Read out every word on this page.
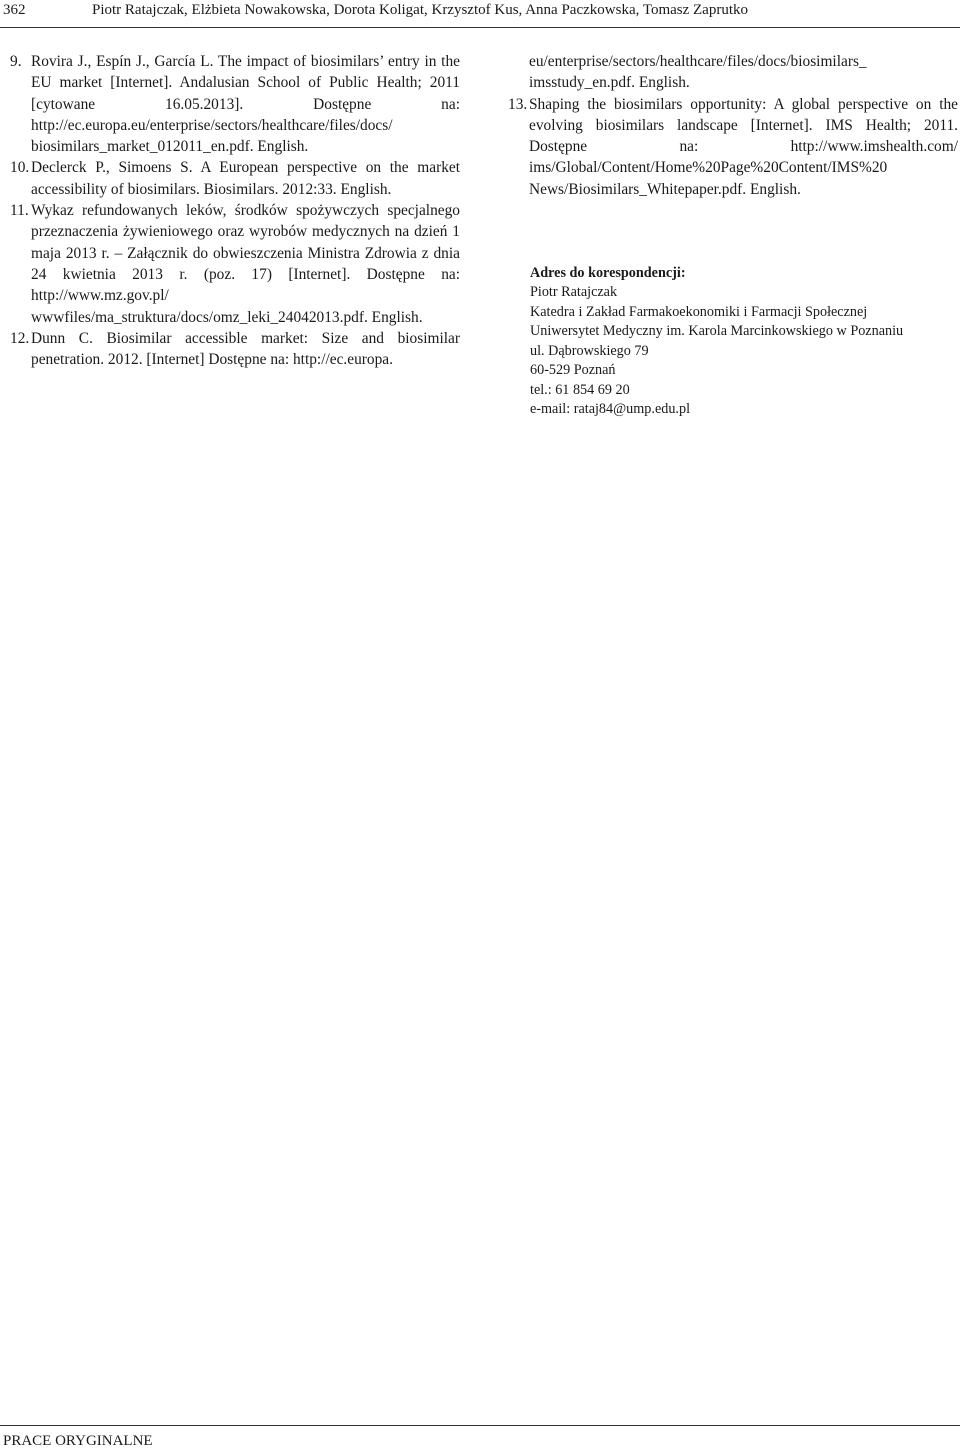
362	Piotr Ratajczak, Elżbieta Nowakowska, Dorota Koligat, Krzysztof Kus, Anna Paczkowska, Tomasz Zaprutko
9. Rovira J., Espín J., García L. The impact of biosimilars’ entry in the EU market [Internet]. Andalusian School of Public Health; 2011 [cytowane 16.05.2013]. Dostępne na: http://ec.europa.eu/enterprise/sectors/healthcare/files/docs/ biosimilars_market_012011_en.pdf. English.
10. Declerck P., Simoens S. A European perspective on the market accessibility of biosimilars. Biosimilars. 2012:33. English.
11. Wykaz refundowanych leków, środków spożywczych specjalnego przeznaczenia żywieniowego oraz wyrobów medycznych na dzień 1 maja 2013 r. – Załącznik do obwieszczenia Ministra Zdrowia z dnia 24 kwietnia 2013 r. (poz. 17) [Internet]. Dostępne na: http://www.mz.gov.pl/ wwwfiles/ma_struktura/docs/omz_leki_24042013.pdf. English.
12. Dunn C. Biosimilar accessible market: Size and biosimilar penetration. 2012. [Internet] Dostępne na: http://ec.europa.
eu/enterprise/sectors/healthcare/files/docs/biosimilars_ imsstudy_en.pdf. English.
13. Shaping the biosimilars opportunity: A global perspective on the evolving biosimilars landscape [Internet]. IMS Health; 2011. Dostępne na: http://www.imshealth.com/ ims/Global/Content/Home%20Page%20Content/IMS%20 News/Biosimilars_Whitepaper.pdf. English.
Adres do korespondencji:
Piotr Ratajczak
Katedra i Zakład Farmakoekonomiki i Farmacji Społecznej
Uniwersytet Medyczny im. Karola Marcinkowskiego w Poznaniu
ul. Dąbrowskiego 79
60-529 Poznań
tel.: 61 854 69 20
e-mail: rataj84@ump.edu.pl
PRACE ORYGINALNE
